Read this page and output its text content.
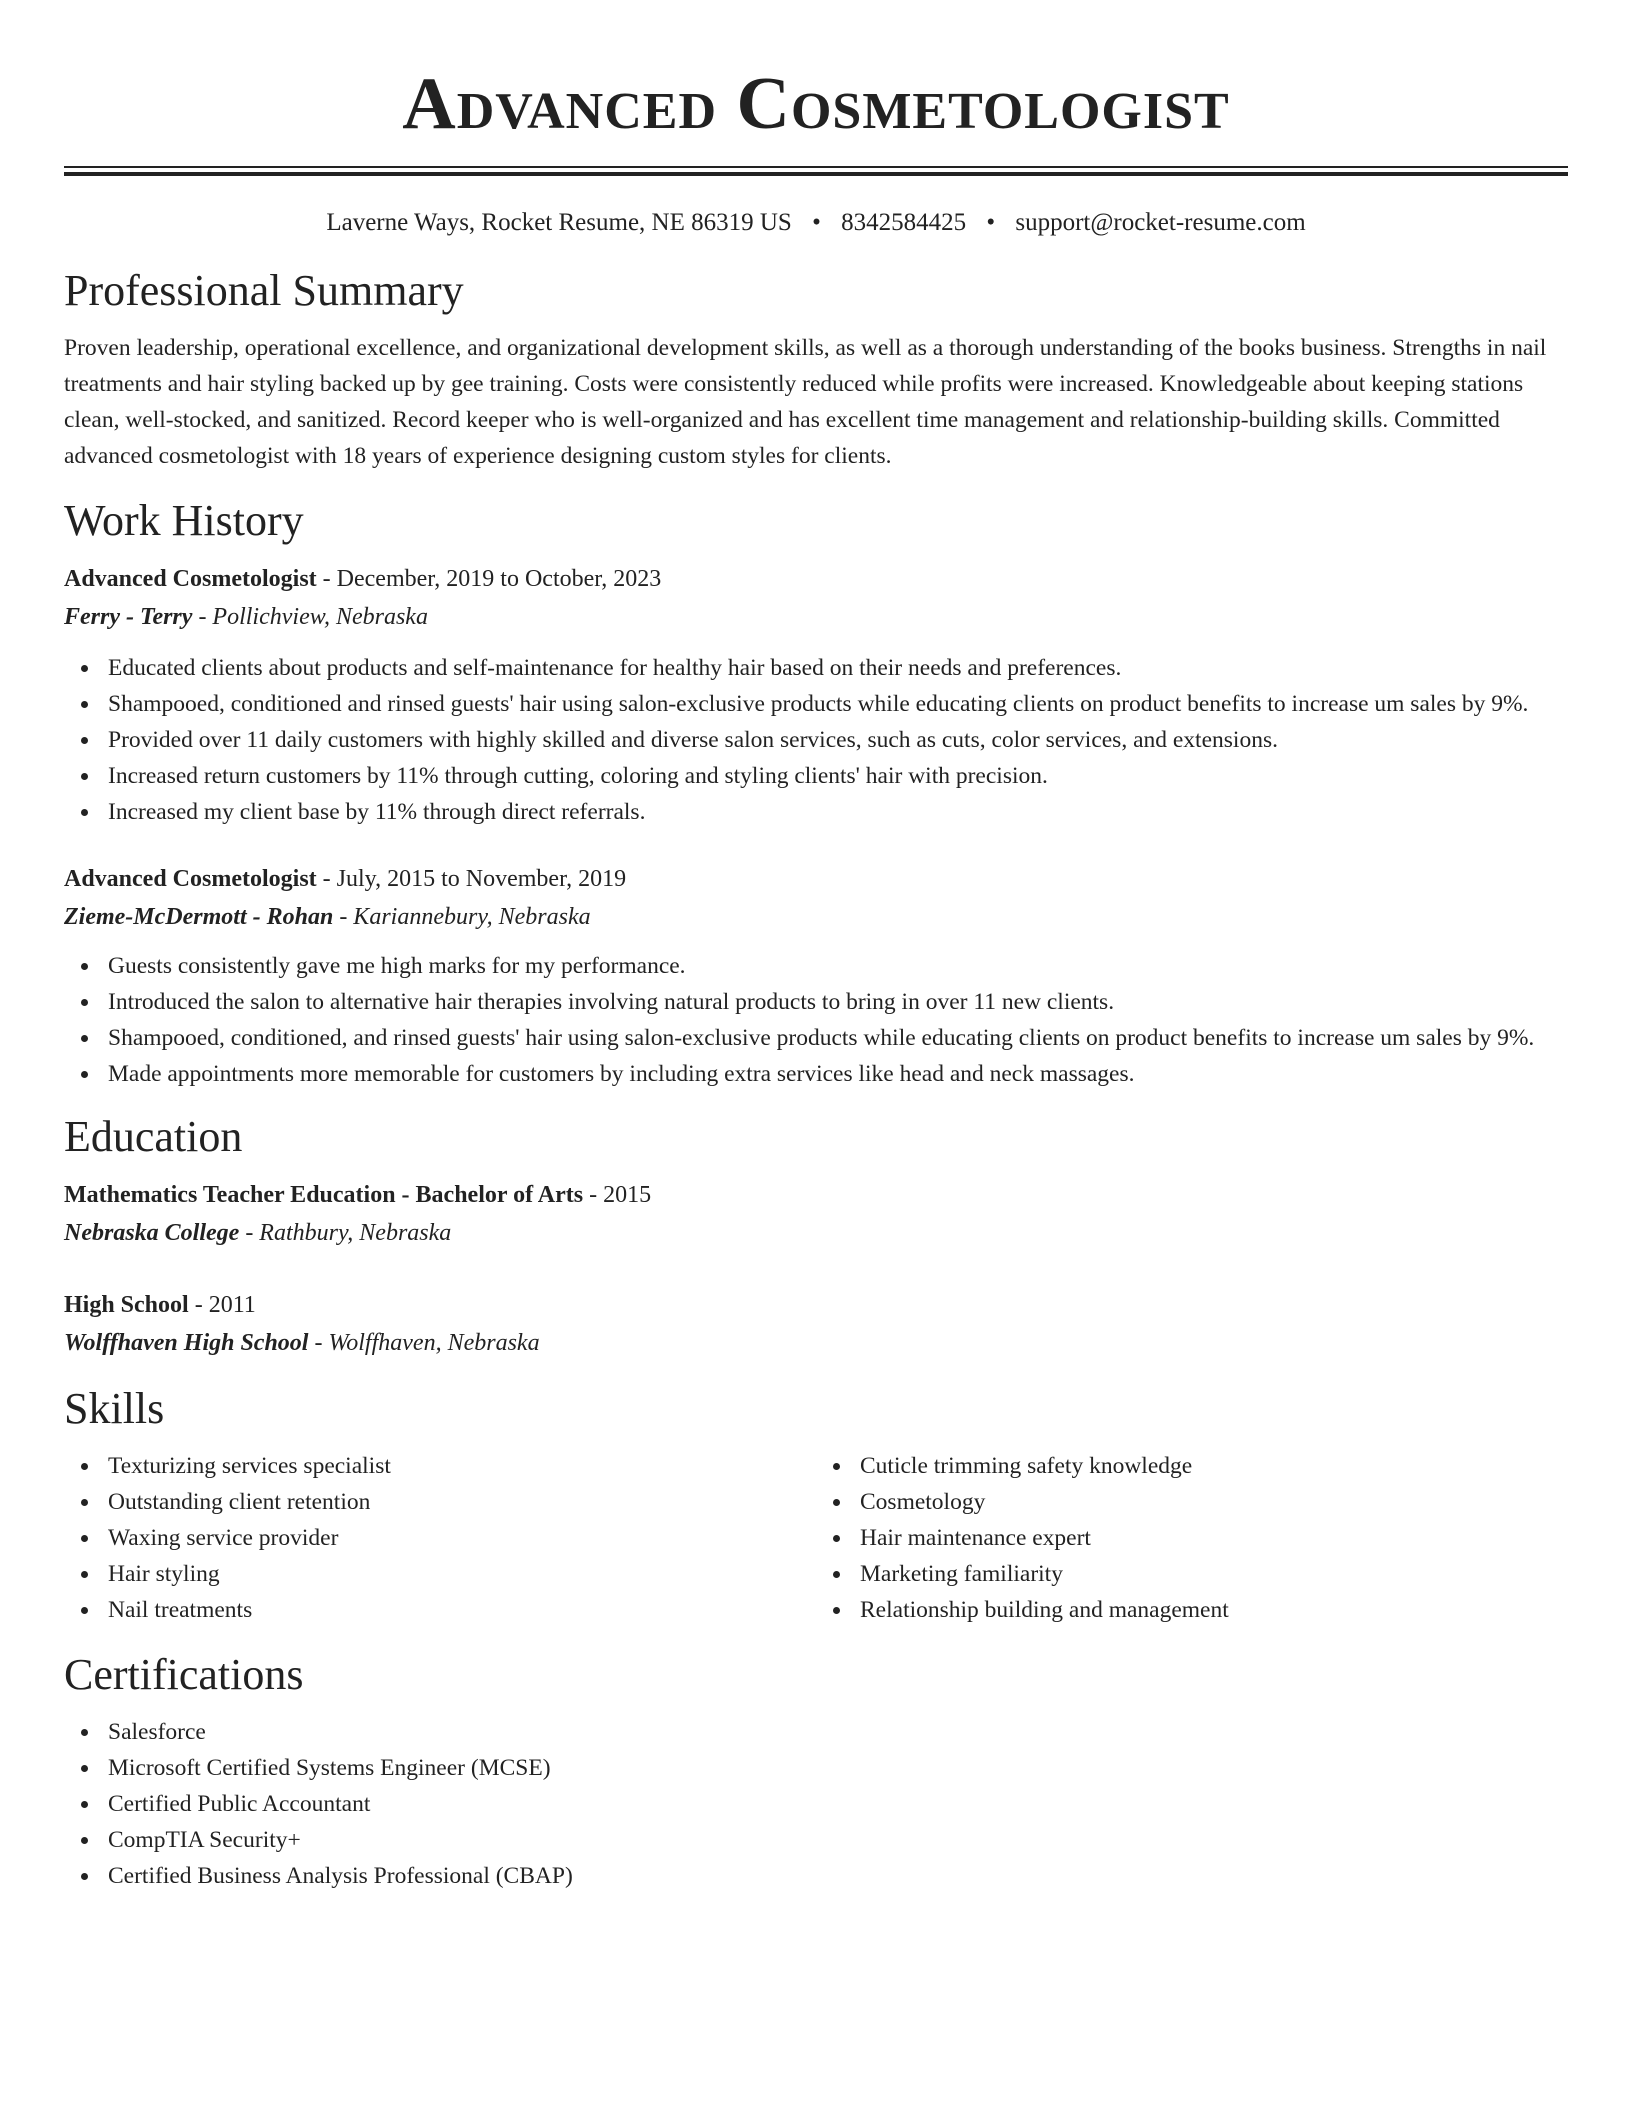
Advanced Cosmetologist
Laverne Ways, Rocket Resume, NE 86319 US • 8342584425 • support@rocket-resume.com
Professional Summary

Proven leadership, operational excellence, and organizational development skills, as well as a thorough understanding of the books business. Strengths in nail treatments and hair styling backed up by gee training. Costs were consistently reduced while profits were increased. Knowledgeable about keeping stations clean, well-stocked, and sanitized. Record keeper who is well-organized and has excellent time management and relationship-building skills. Committed advanced cosmetologist with 18 years of experience designing custom styles for clients.

Work History
Advanced Cosmetologist - December, 2019 to October, 2023
Ferry - Terry - Pollichview, Nebraska
Educated clients about products and self-maintenance for healthy hair based on their needs and preferences.
Shampooed, conditioned and rinsed guests' hair using salon-exclusive products while educating clients on product benefits to increase um sales by 9%.
Provided over 11 daily customers with highly skilled and diverse salon services, such as cuts, color services, and extensions.
Increased return customers by 11% through cutting, coloring and styling clients' hair with precision.
Increased my client base by 11% through direct referrals.
Advanced Cosmetologist - July, 2015 to November, 2019
Zieme-McDermott - Rohan - Kariannebury, Nebraska
Guests consistently gave me high marks for my performance.
Introduced the salon to alternative hair therapies involving natural products to bring in over 11 new clients.
Shampooed, conditioned, and rinsed guests' hair using salon-exclusive products while educating clients on product benefits to increase um sales by 9%.
Made appointments more memorable for customers by including extra services like head and neck massages.
Education
Mathematics Teacher Education - Bachelor of Arts - 2015
Nebraska College - Rathbury, Nebraska
High School - 2011
Wolffhaven High School - Wolffhaven, Nebraska
Skills
Texturizing services specialist
Outstanding client retention
Waxing service provider
Hair styling
Nail treatments
Cuticle trimming safety knowledge
Cosmetology
Hair maintenance expert
Marketing familiarity
Relationship building and management
Certifications
Salesforce
Microsoft Certified Systems Engineer (MCSE)
Certified Public Accountant
CompTIA Security+
Certified Business Analysis Professional (CBAP)
